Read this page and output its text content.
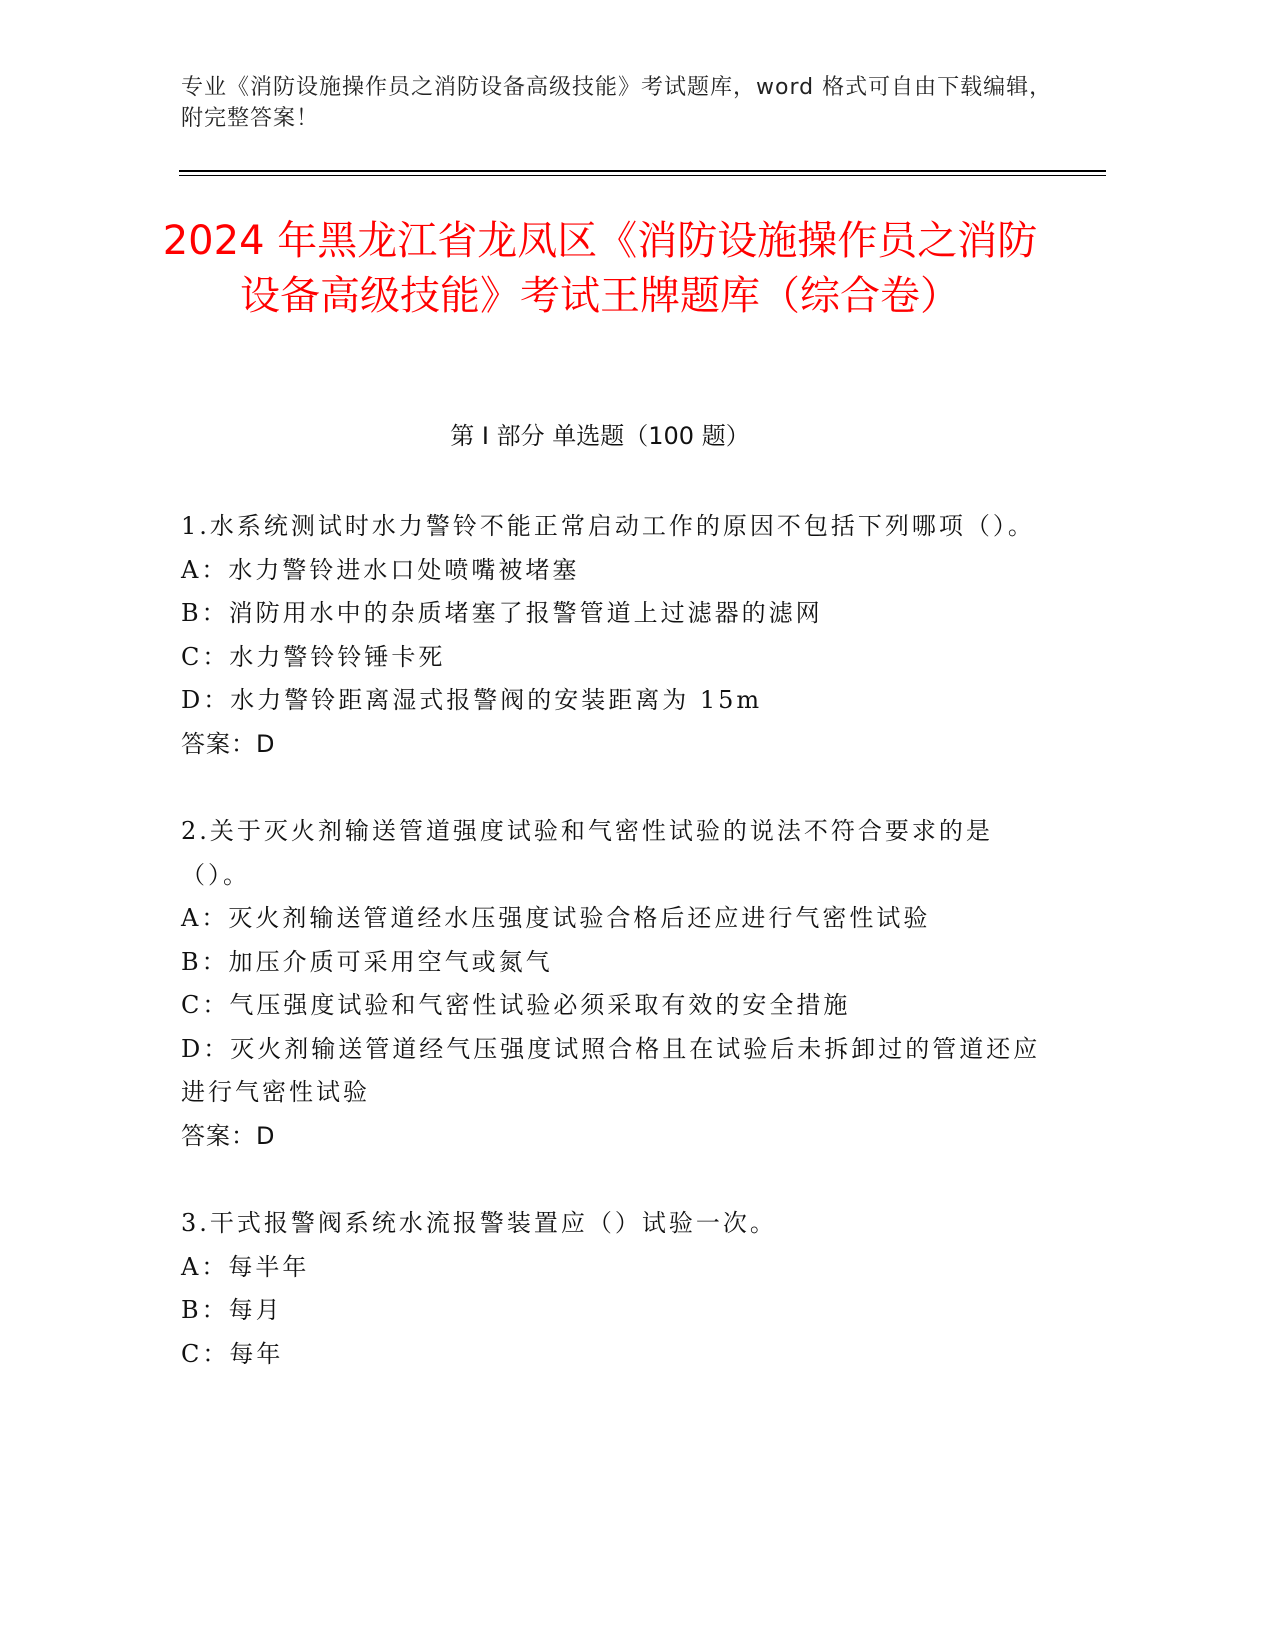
专业《消防设施操作员之消防设备高级技能》考试题库，word 格式可自由下载编辑，附完整答案！
2024 年黑龙江省龙凤区《消防设施操作员之消防设备高级技能》考试王牌题库（综合卷）
第 I 部分 单选题（100 题）
1.水系统测试时水力警铃不能正常启动工作的原因不包括下列哪项（）。
A：水力警铃进水口处喷嘴被堵塞
B：消防用水中的杂质堵塞了报警管道上过滤器的滤网
C：水力警铃铃锤卡死
D：水力警铃距离湿式报警阀的安装距离为 15m
答案：D
2.关于灭火剂输送管道强度试验和气密性试验的说法不符合要求的是（）。
A：灭火剂输送管道经水压强度试验合格后还应进行气密性试验
B：加压介质可采用空气或氮气
C：气压强度试验和气密性试验必须采取有效的安全措施
D：灭火剂输送管道经气压强度试照合格且在试验后未拆卸过的管道还应进行气密性试验
答案：D
3.干式报警阀系统水流报警装置应（）试验一次。
A：每半年
B：每月
C：每年
